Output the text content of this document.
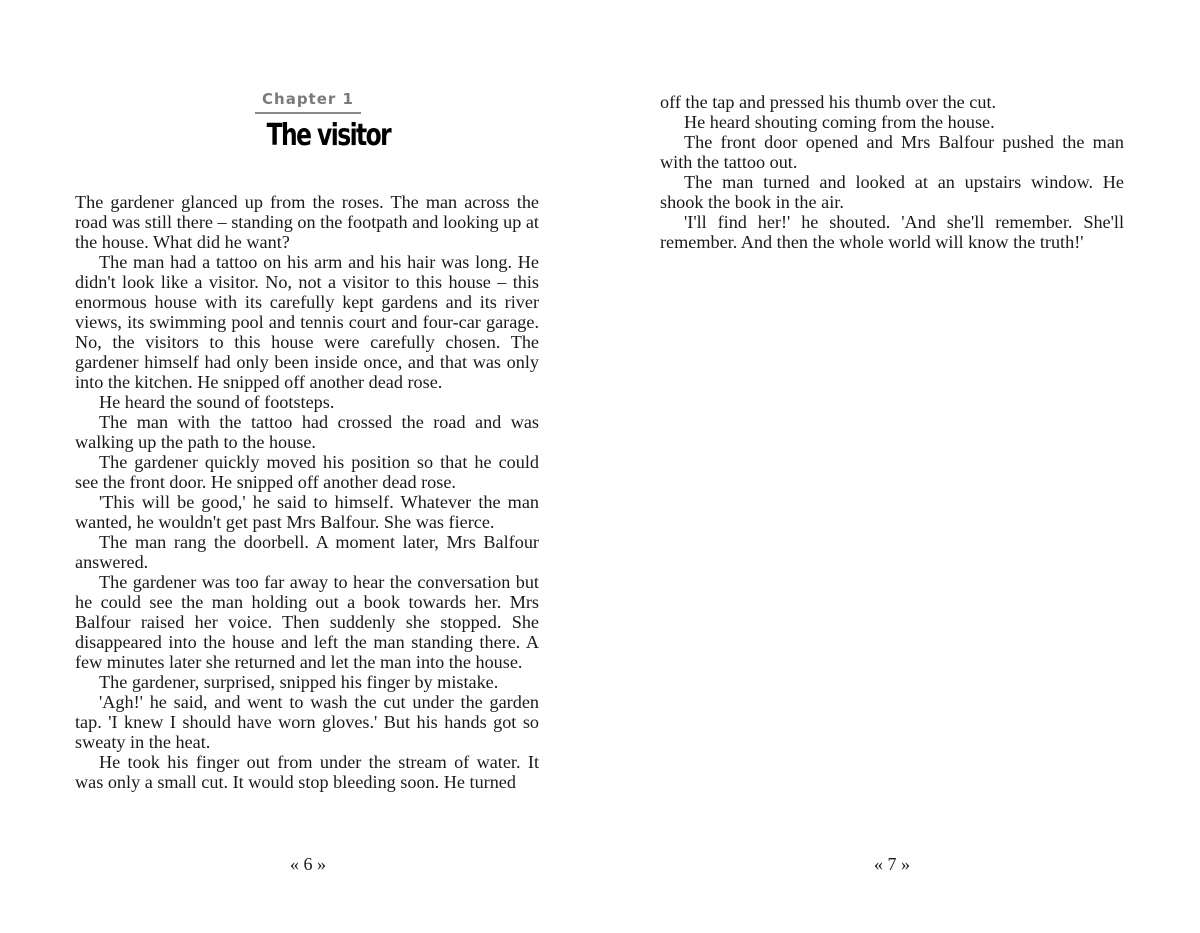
Chapter 1
The visitor

The gardener glanced up from the roses. The man across the road was still there – standing on the footpath and looking up at the house. What did he want?

The man had a tattoo on his arm and his hair was long. He didn't look like a visitor. No, not a visitor to this house – this enormous house with its carefully kept gardens and its river views, its swimming pool and tennis court and four-car garage. No, the visitors to this house were carefully chosen. The gardener himself had only been inside once, and that was only into the kitchen. He snipped off another dead rose.

He heard the sound of footsteps.

The man with the tattoo had crossed the road and was walking up the path to the house.

The gardener quickly moved his position so that he could see the front door. He snipped off another dead rose.

'This will be good,' he said to himself. Whatever the man wanted, he wouldn't get past Mrs Balfour. She was fierce.

The man rang the doorbell. A moment later, Mrs Balfour answered.

The gardener was too far away to hear the conversation but he could see the man holding out a book towards her. Mrs Balfour raised her voice. Then suddenly she stopped. She disappeared into the house and left the man standing there. A few minutes later she returned and let the man into the house.

The gardener, surprised, snipped his finger by mistake.

'Agh!' he said, and went to wash the cut under the garden tap. 'I knew I should have worn gloves.' But his hands got so sweaty in the heat.

He took his finger out from under the stream of water. It was only a small cut. It would stop bleeding soon. He turned

« 6 »

off the tap and pressed his thumb over the cut.

He heard shouting coming from the house.

The front door opened and Mrs Balfour pushed the man with the tattoo out.

The man turned and looked at an upstairs window. He shook the book in the air.

'I'll find her!' he shouted. 'And she'll remember. She'll remember. And then the whole world will know the truth!'

« 7 »
